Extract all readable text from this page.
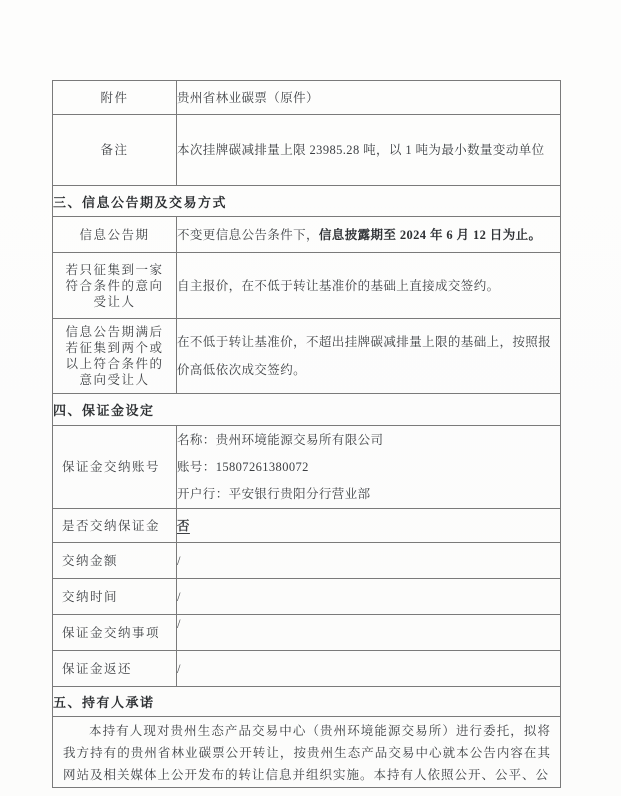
附件	贵州省林业碳票（原件）
备注	本次挂牌碳减排量上限 23985.28 吨，以 1 吨为最小数量变动单位
三、信息公告期及交易方式	
信息公告期	不变更信息公告条件下，信息披露期至 2024 年 6 月 12 日为止。

若只征集到一家
符合条件的意向
受让人	自主报价，在不低于转让基准价的基础上直接成交签约。

信息公告期满后
若征集到两个或
以上符合条件的
意向受让人	在不低于转让基准价，不超出挂牌碳减排量上限的基础上，按照报价高低依次成交签约。
四、保证金设定	
保证金交纳账号	名称：贵州环境能源交易所有限公司
账号：15807261380072
开户行：平安银行贵阳分行营业部

是否交纳保证金	否
交纳金额	/
交纳时间	/
保证金交纳事项	/
保证金返还	/
五、持有人承诺	
本持有人现对贵州生态产品交易中心（贵州环境能源交易所）进行委托，拟将我方持有的贵州省林业碳票公开转让，按贵州生态产品交易中心就本公告内容在其网站及相关媒体上公开发布的转让信息并组织实施。本持有人依照公开、公平、公	
